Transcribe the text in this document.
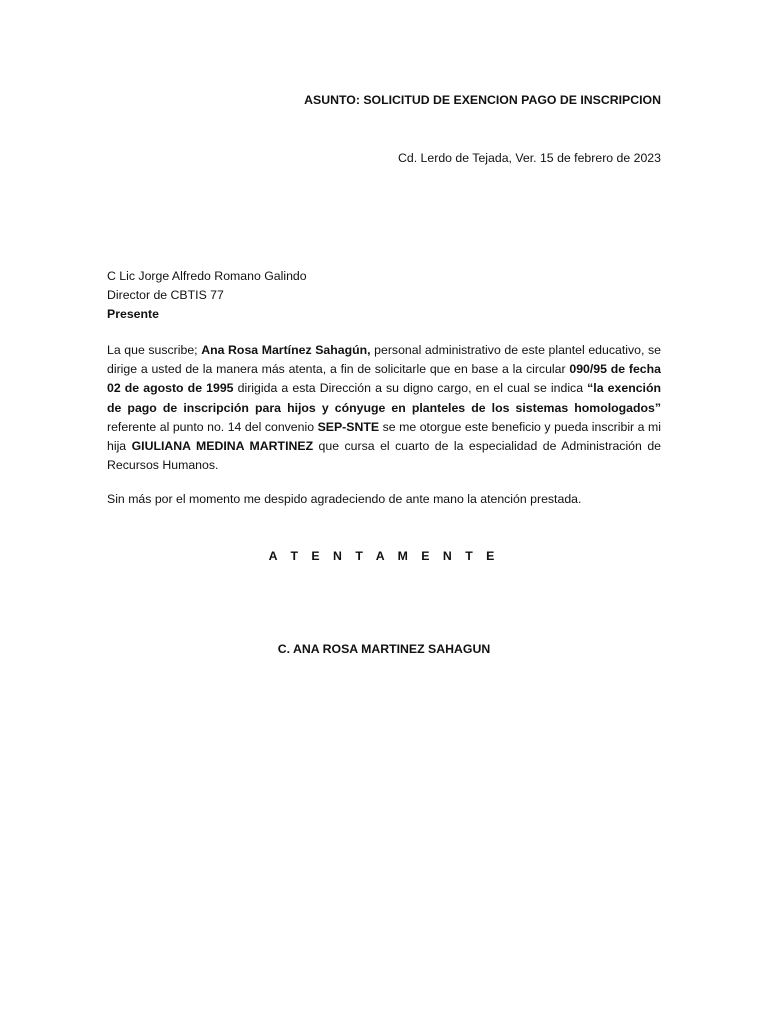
ASUNTO: SOLICITUD DE EXENCION PAGO DE INSCRIPCION
Cd. Lerdo de Tejada, Ver. 15 de febrero de 2023
C Lic Jorge Alfredo Romano Galindo
Director de CBTIS 77
Presente
La que suscribe; Ana Rosa Martínez Sahagún, personal administrativo de este plantel educativo, se dirige a usted de la manera más atenta, a fin de solicitarle que en base a la circular 090/95 de fecha 02 de agosto de 1995 dirigida a esta Dirección a su digno cargo, en el cual se indica “la exención de pago de inscripción para hijos y cónyuge en planteles de los sistemas homologados” referente al punto no. 14 del convenio SEP-SNTE se me otorgue este beneficio y pueda inscribir a mi hija GIULIANA MEDINA MARTINEZ que cursa el cuarto de la especialidad de Administración de Recursos Humanos.
Sin más por el momento me despido agradeciendo de ante mano la atención prestada.
A T E N T A M E N T E
C. ANA ROSA MARTINEZ SAHAGUN
